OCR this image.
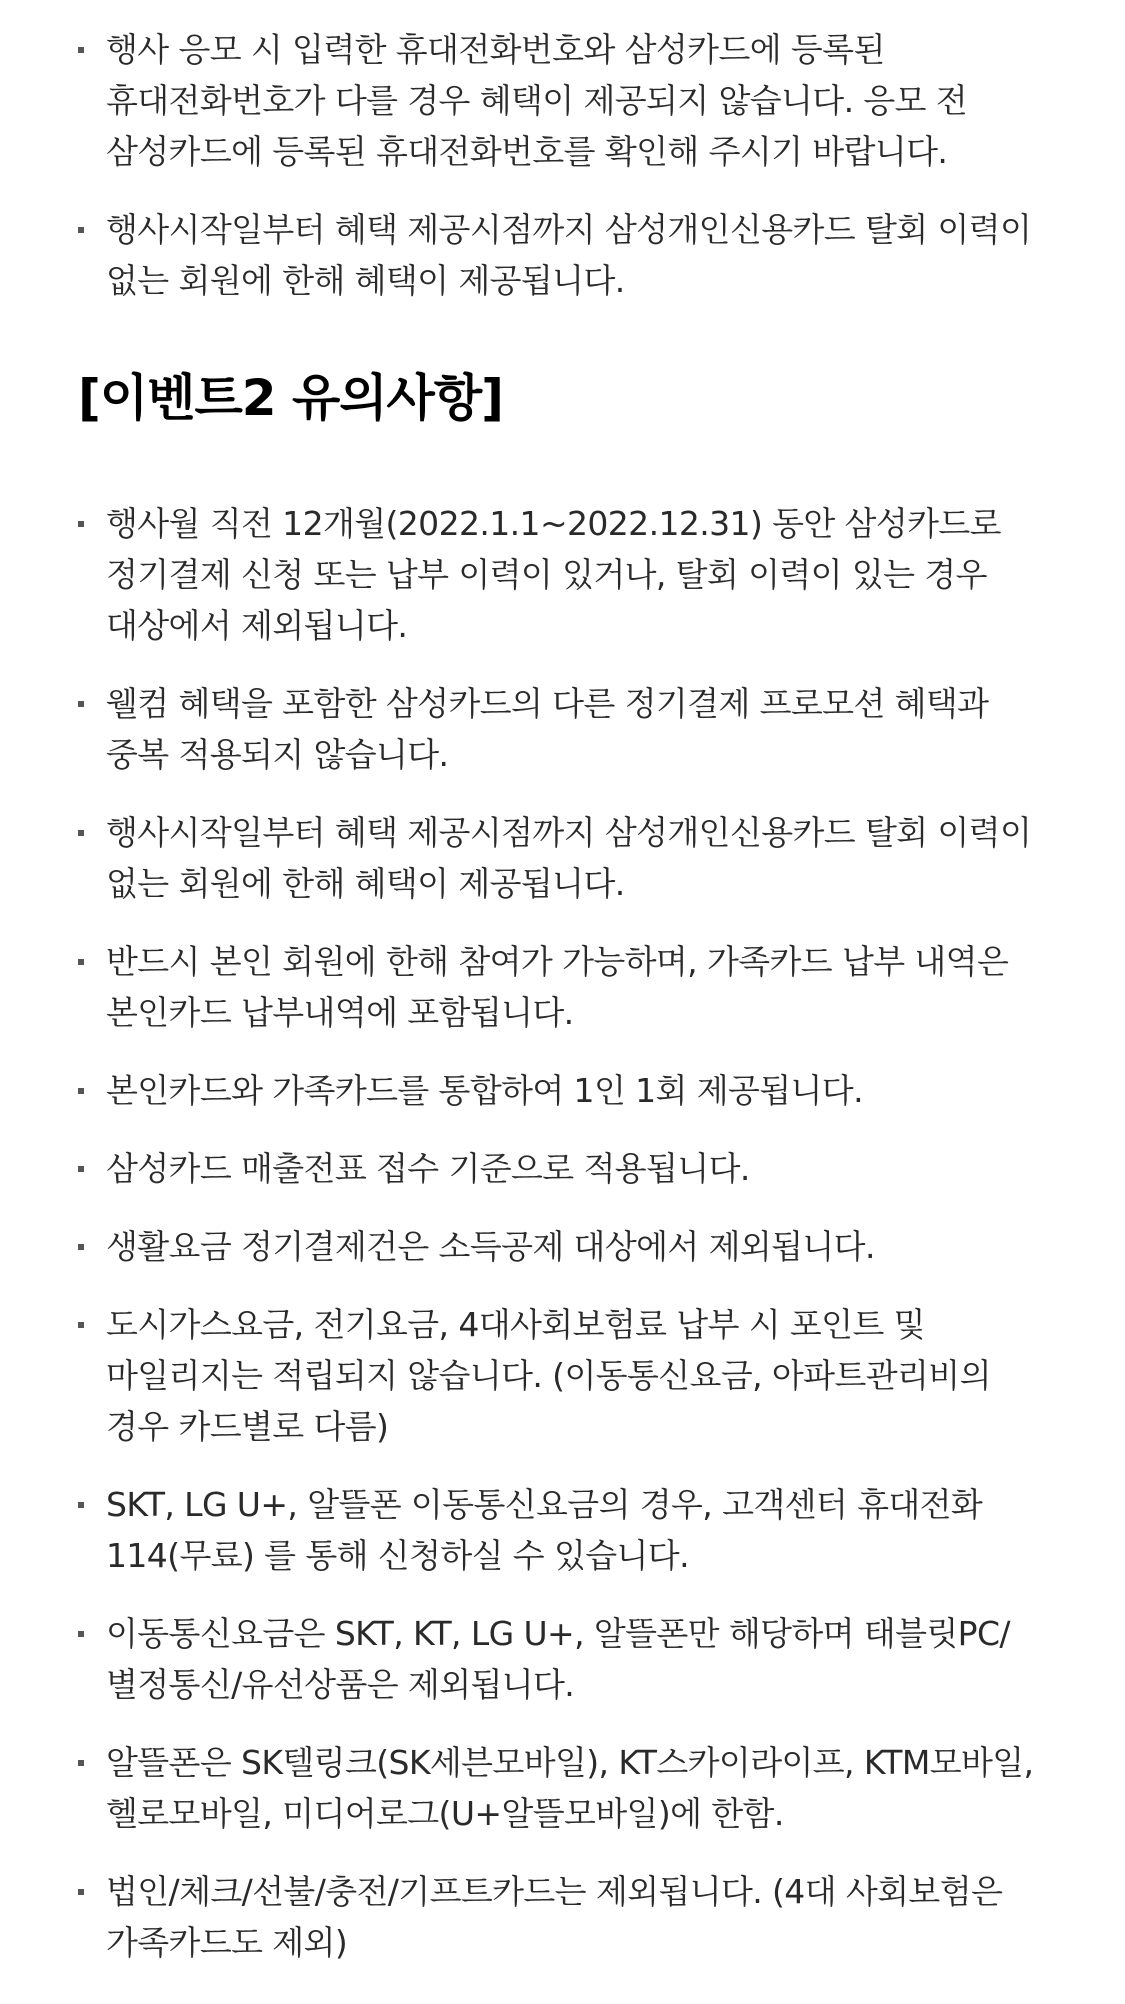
행사 응모 시 입력한 휴대전화번호와 삼성카드에 등록된 휴대전화번호가 다를 경우 혜택이 제공되지 않습니다. 응모 전 삼성카드에 등록된 휴대전화번호를 확인해 주시기 바랍니다.
행사시작일부터 혜택 제공시점까지 삼성개인신용카드 탈회 이력이 없는 회원에 한해 혜택이 제공됩니다.
[이벤트2 유의사항]
행사월 직전 12개월(2022.1.1~2022.12.31) 동안 삼성카드로 정기결제 신청 또는 납부 이력이 있거나, 탈회 이력이 있는 경우 대상에서 제외됩니다.
웰컴 혜택을 포함한 삼성카드의 다른 정기결제 프로모션 혜택과 중복 적용되지 않습니다.
행사시작일부터 혜택 제공시점까지 삼성개인신용카드 탈회 이력이 없는 회원에 한해 혜택이 제공됩니다.
반드시 본인 회원에 한해 참여가 가능하며, 가족카드 납부 내역은 본인카드 납부내역에 포함됩니다.
본인카드와 가족카드를 통합하여 1인 1회 제공됩니다.
삼성카드 매출전표 접수 기준으로 적용됩니다.
생활요금 정기결제건은 소득공제 대상에서 제외됩니다.
도시가스요금, 전기요금, 4대사회보험료 납부 시 포인트 및 마일리지는 적립되지 않습니다. (이동통신요금, 아파트관리비의 경우 카드별로 다름)
SKT, LG U+, 알뜰폰 이동통신요금의 경우, 고객센터 휴대전화 114(무료) 를 통해 신청하실 수 있습니다.
이동통신요금은 SKT, KT, LG U+, 알뜰폰만 해당하며 태블릿PC/별정통신/유선상품은 제외됩니다.
알뜰폰은 SK텔링크(SK세븐모바일), KT스카이라이프, KTM모바일, 헬로모바일, 미디어로그(U+알뜰모바일)에 한함.
법인/체크/선불/충전/기프트카드는 제외됩니다. (4대 사회보험은 가족카드도 제외)
